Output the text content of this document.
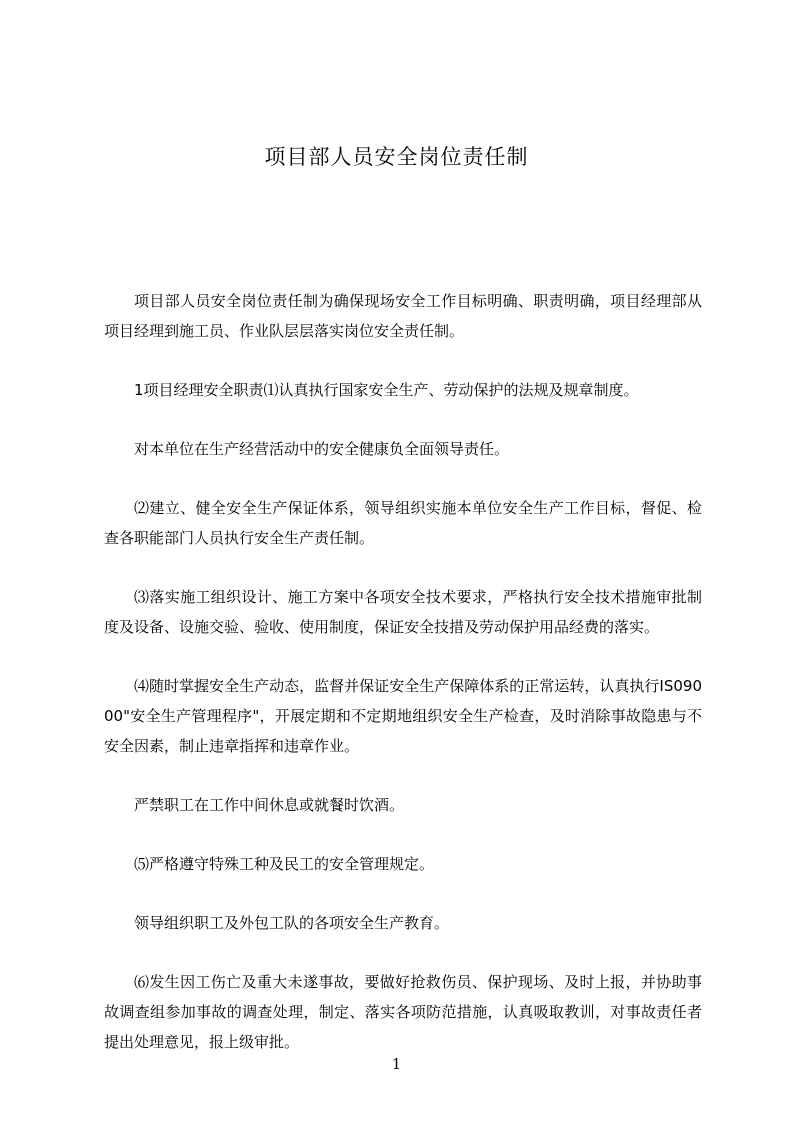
项目部人员安全岗位责任制

项目部人员安全岗位责任制为确保现场安全工作目标明确、职责明确，项目经理部从项目经理到施工员、作业队层层落实岗位安全责任制。

1项目经理安全职责⑴认真执行国家安全生产、劳动保护的法规及规章制度。

对本单位在生产经营活动中的安全健康负全面领导责任。

⑵建立、健全安全生产保证体系，领导组织实施本单位安全生产工作目标，督促、检查各职能部门人员执行安全生产责任制。

⑶落实施工组织设计、施工方案中各项安全技术要求，严格执行安全技术措施审批制度及设备、设施交验、验收、使用制度，保证安全技措及劳动保护用品经费的落实。

⑷随时掌握安全生产动态，监督并保证安全生产保障体系的正常运转，认真执行IS09000"安全生产管理程序"，开展定期和不定期地组织安全生产检查，及时消除事故隐患与不安全因素，制止违章指挥和违章作业。

严禁职工在工作中间休息或就餐时饮酒。

⑸严格遵守特殊工种及民工的安全管理规定。

领导组织职工及外包工队的各项安全生产教育。

⑹发生因工伤亡及重大未遂事故，要做好抢救伤员、保护现场、及时上报，并协助事故调查组参加事故的调查处理，制定、落实各项防范措施，认真吸取教训，对事故责任者提出处理意见，报上级审批。

1
